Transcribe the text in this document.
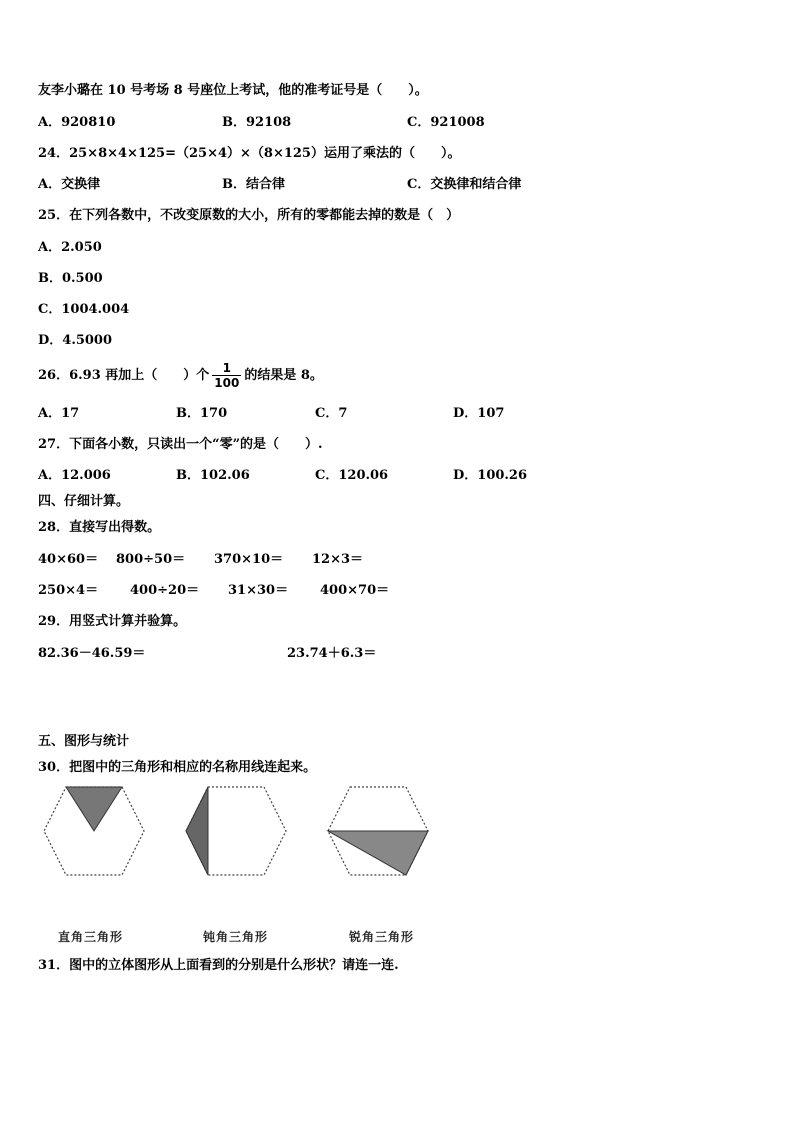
友李小璐在 10 号考场 8 号座位上考试，他的准考证号是（　　）。
A．920810	B．92108	C．921008
24．25×8×4×125=（25×4）×（8×125）运用了乘法的（　　）。
A．交换律	B．结合律	C．交换律和结合律
25．在下列各数中，不改变原数的大小，所有的零都能去掉的数是（　）
A．2.050
B．0.500
C．1004.004
D．4.5000
26．6.93 再加上（　　）个 $\frac{1}{100}$ 的结果是 8。
A．17	B．170	C．7	D．107
27．下面各小数，只读出一个“零”的是（　　）.
A．12.006	B．102.06	C．120.06	D．100.26
四、仔细计算。
28．直接写出得数。
40×60＝ 800÷50＝ 370×10＝ 12×3＝
250×4＝ 400÷20＝ 31×30＝ 400×70＝
29．用竖式计算并验算。
82.36－46.59＝	23.74＋6.3＝
五、图形与统计
30．把图中的三角形和相应的名称用线连起来。
直角三角形	钝角三角形	锐角三角形
31．图中的立体图形从上面看到的分别是什么形状？请连一连.
